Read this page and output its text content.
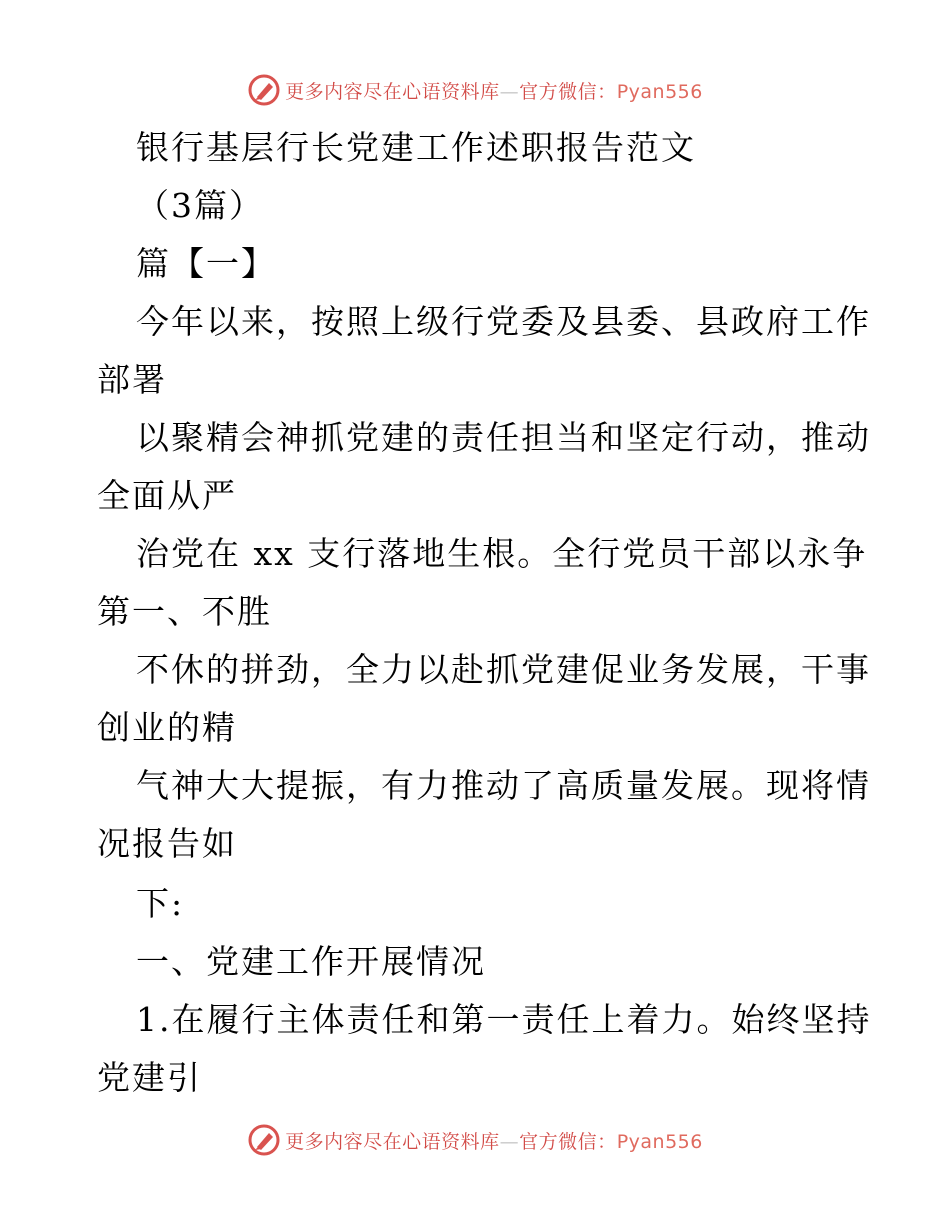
更多内容尽在心语资料库—官方微信：Pyan556
银行基层行长党建工作述职报告范文
（3篇）
篇【一】
今年以来，按照上级行党委及县委、县政府工作
部署
以聚精会神抓党建的责任担当和坚定行动，推动
全面从严
治党在 xx 支行落地生根。全行党员干部以永争
第一、不胜
不休的拼劲，全力以赴抓党建促业务发展，干事
创业的精
气神大大提振，有力推动了高质量发展。现将情
况报告如
下:
一、党建工作开展情况
1.在履行主体责任和第一责任上着力。始终坚持
党建引
更多内容尽在心语资料库—官方微信：Pyan556
